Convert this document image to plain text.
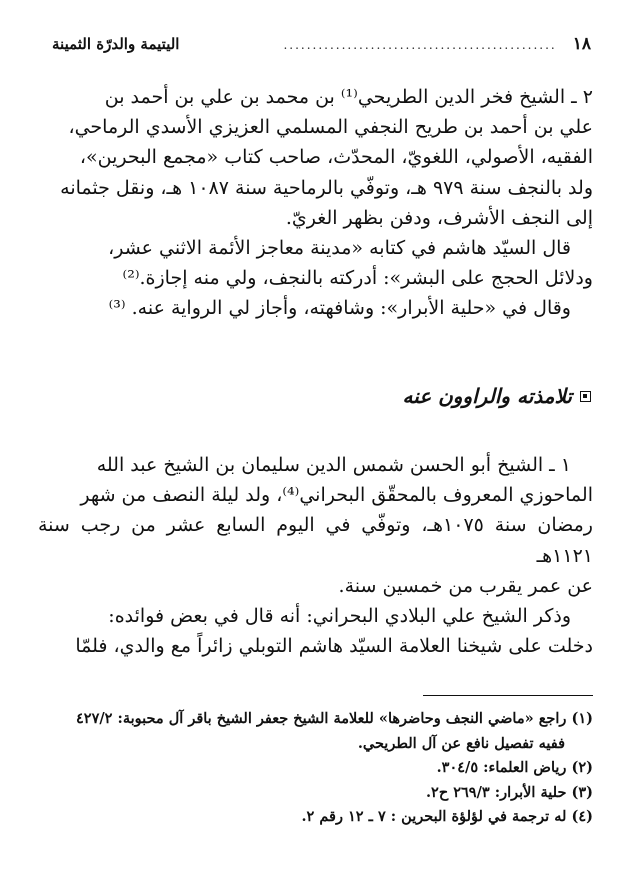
١٨
...............................................
اليتيمة والدرّة الثمينة

٢ ـ الشيخ فخر الدين الطريحي⁽¹⁾ بن محمد بن علي بن أحمد بن

علي بن أحمد بن طريح النجفي المسلمي العزيزي الأسدي الرماحي،

الفقيه، الأصولي، اللغويّ، المحدّث، صاحب كتاب «مجمع البحرين»،

ولد بالنجف سنة ٩٧٩ هـ، وتوفّي بالرماحية سنة ١٠٨٧ هـ، ونقل جثمانه

إلى النجف الأشرف، ودفن بظهر الغريّ.

قال السيّد هاشم في كتابه «مدينة معاجز الأئمة الاثني عشر،

ودلائل الحجج على البشر»: أدركته بالنجف، ولي منه إجازة.⁽²⁾

وقال في «حلية الأبرار»: وشافهته، وأجاز لي الرواية عنه. ⁽³⁾

تلامذته والراوون عنه

١ ـ الشيخ أبو الحسن شمس الدين سليمان بن الشيخ عبد الله

الماحوزي المعروف بالمحقّق البحراني⁽⁴⁾، ولد ليلة النصف من شهر

رمضان سنة ١٠٧٥هـ، وتوفّي في اليوم السابع عشر من رجب سنة ١١٢١هـ

عن عمر يقرب من خمسين سنة.

وذكر الشيخ علي البلادي البحراني: أنه قال في بعض فوائده:

دخلت على شيخنا العلامة السيّد هاشم التوبلي زائراً مع والدي، فلمّا

(١) راجع «ماضي النجف وحاضرها» للعلامة الشيخ جعفر الشيخ باقر آل محبوبة: ٤٢٧/٢

ففيه تفصيل نافع عن آل الطريحي.

(٢) رياض العلماء: ٣٠٤/٥.

(٣) حلية الأبرار: ٢٦٩/٣ ح٢.

(٤) له ترجمة في لؤلؤة البحرين : ٧ ـ ١٢ رقم ٢.
